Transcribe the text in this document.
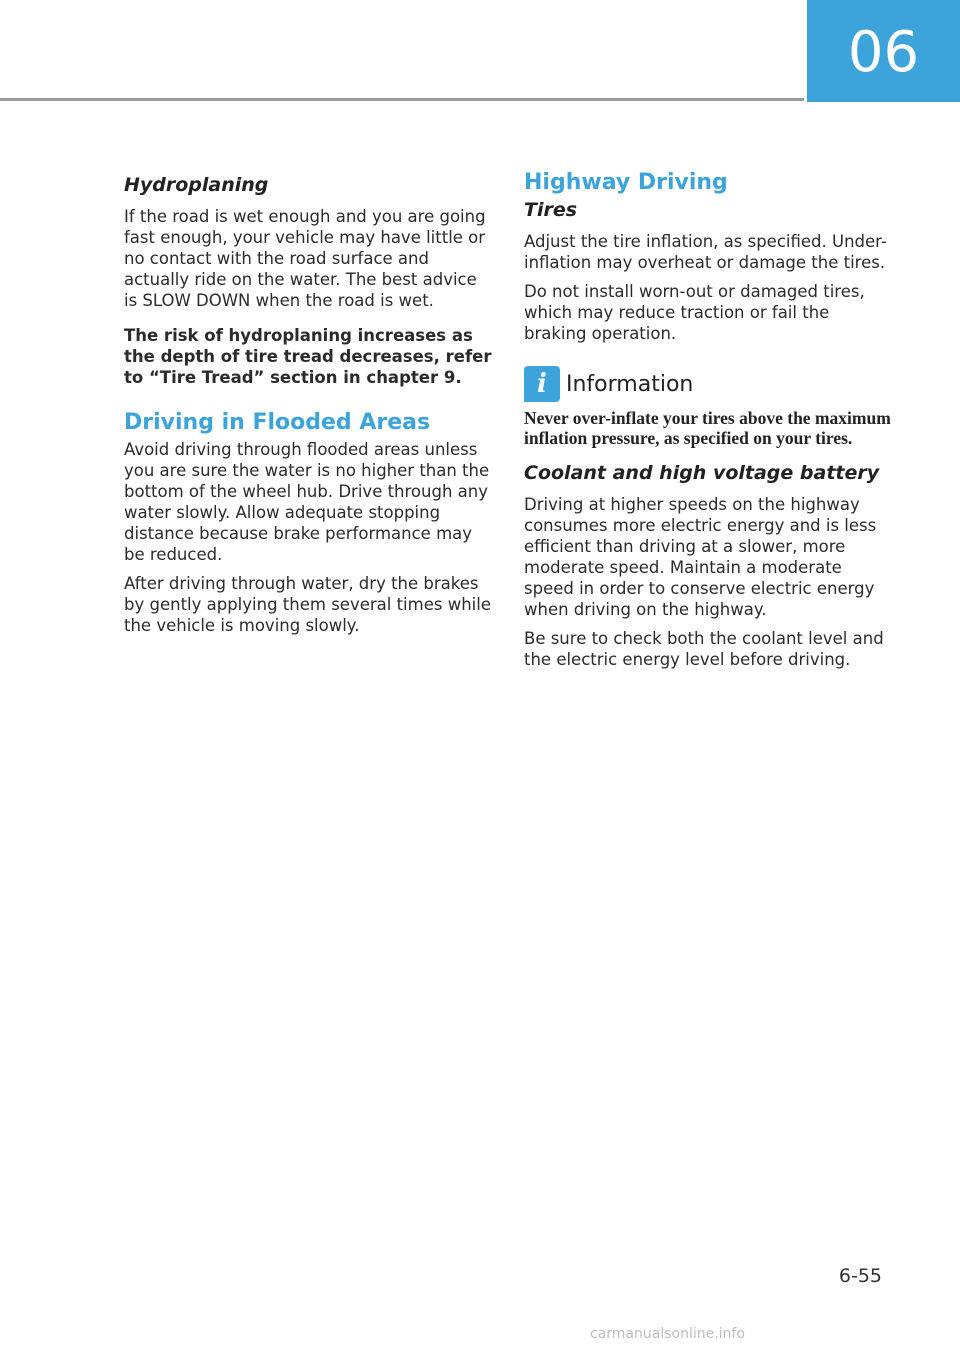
06
Hydroplaning

If the road is wet enough and you are going fast enough, your vehicle may have little or no contact with the road surface and actually ride on the water. The best advice is SLOW DOWN when the road is wet.

The risk of hydroplaning increases as the depth of tire tread decreases, refer to “Tire Tread” section in chapter 9.

Driving in Flooded Areas

Avoid driving through flooded areas unless you are sure the water is no higher than the bottom of the wheel hub. Drive through any water slowly. Allow adequate stopping distance because brake performance may be reduced.

After driving through water, dry the brakes by gently applying them several times while the vehicle is moving slowly.

Highway Driving
Tires

Adjust the tire inflation, as specified. Under-inflation may overheat or damage the tires.

Do not install worn-out or damaged tires, which may reduce traction or fail the braking operation.

i Information
Never over-inflate your tires above the maximum inflation pressure, as specified on your tires.
Coolant and high voltage battery

Driving at higher speeds on the highway consumes more electric energy and is less efficient than driving at a slower, more moderate speed. Maintain a moderate speed in order to conserve electric energy when driving on the highway.

Be sure to check both the coolant level and the electric energy level before driving.

6-55
carmanualsonline.info
